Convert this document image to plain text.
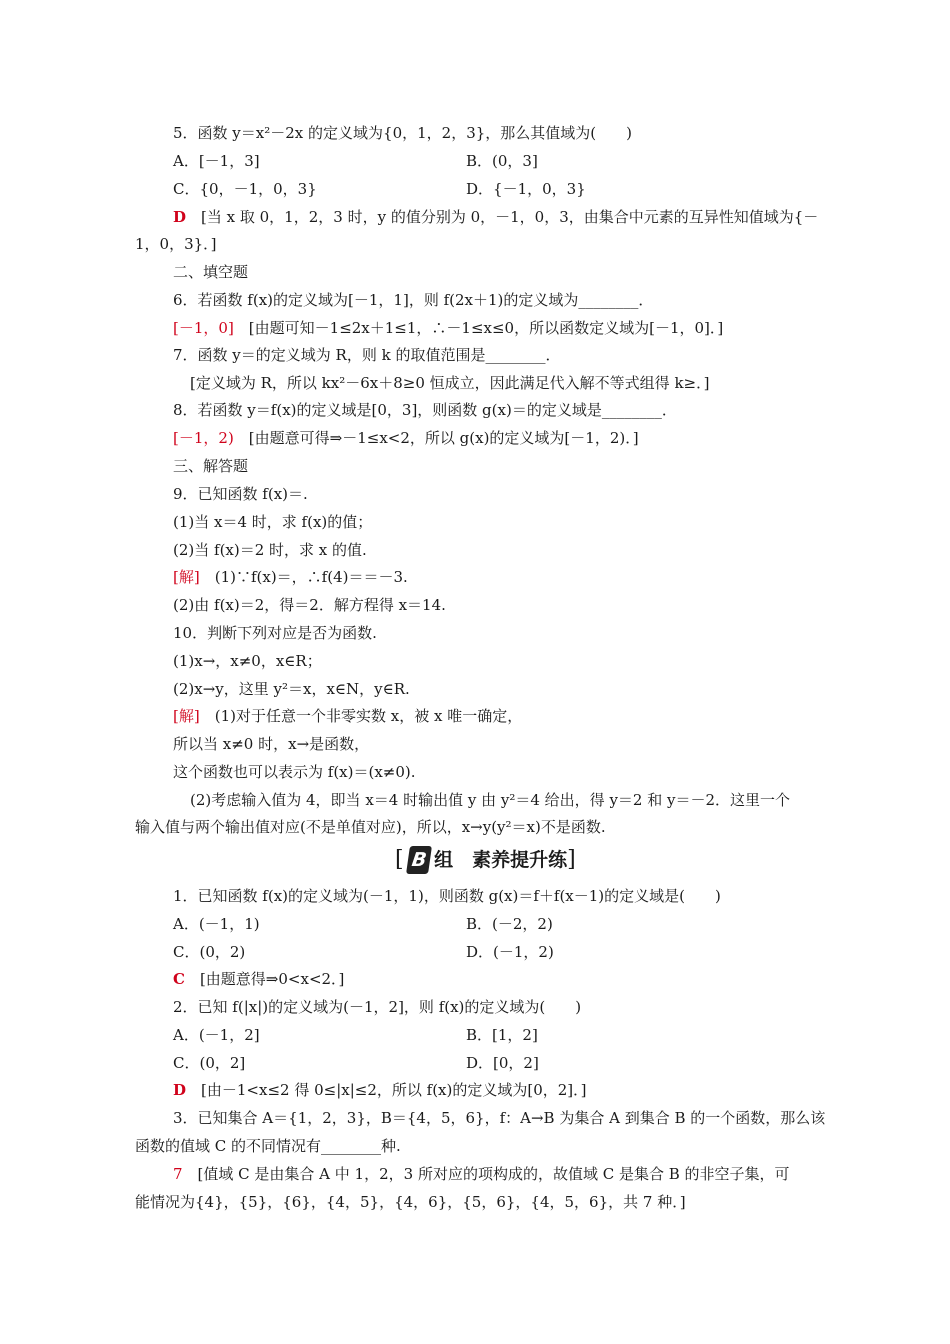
5．函数 y＝x²－2x 的定义域为{0，1，2，3}，那么其值域为(　　)
A．[－1，3]	B．(0，3]
C．{0，－1，0，3}	D．{－1，0，3}
D　[当 x 取 0，1，2，3 时，y 的值分别为 0，－1，0，3，由集合中元素的互异性知值域为{－
1，0，3}．]
二、填空题
6．若函数 f(x)的定义域为[－1，1]，则 f(2x＋1)的定义域为________．
[－1，0]　[由题可知－1≤2x＋1≤1，∴－1≤x≤0，所以函数定义域为[－1，0]．]
7．函数 y＝的定义域为 R，则 k 的取值范围是________．
[定义域为 R，所以 kx²－6x＋8≥0 恒成立，因此满足代入解不等式组得 k≥．]
8．若函数 y＝f(x)的定义域是[0，3]，则函数 g(x)＝的定义域是________．
[－1，2)　[由题意可得⇒－1≤x<2，所以 g(x)的定义域为[－1，2)．]
三、解答题
9．已知函数 f(x)＝.
(1)当 x＝4 时，求 f(x)的值；
(2)当 f(x)＝2 时，求 x 的值.
[解]　(1)∵f(x)＝，∴f(4)＝＝－3.
(2)由 f(x)＝2，得＝2．解方程得 x＝14.
10．判断下列对应是否为函数.
(1)x→，x≠0，x∈R；
(2)x→y，这里 y²＝x，x∈N，y∈R.
[解]　(1)对于任意一个非零实数 x，被 x 唯一确定，
所以当 x≠0 时，x→是函数，
这个函数也可以表示为 f(x)＝(x≠0).
(2)考虑输入值为 4，即当 x＝4 时输出值 y 由 y²＝4 给出，得 y＝2 和 y＝－2．这里一个
输入值与两个输出值对应(不是单值对应)，所以，x→y(y²＝x)不是函数.
[ B 组　素养提升练]
1．已知函数 f(x)的定义域为(－1，1)，则函数 g(x)＝f＋f(x－1)的定义域是(　　)
A．(－1，1)	B．(－2，2)
C．(0，2)	D．(－1，2)
C　[由题意得⇒0<x<2．]
2．已知 f(|x|)的定义域为(－1，2]，则 f(x)的定义域为(　　)
A．(－1，2]	B．[1，2]
C．(0，2]	D．[0，2]
D　[由－1<x≤2 得 0≤|x|≤2，所以 f(x)的定义域为[0，2]．]
3．已知集合 A＝{1，2，3}，B＝{4，5，6}，f：A→B 为集合 A 到集合 B 的一个函数，那么该
函数的值域 C 的不同情况有________种.
7　[值域 C 是由集合 A 中 1，2，3 所对应的项构成的，故值域 C 是集合 B 的非空子集，可
能情况为{4}，{5}，{6}，{4，5}，{4，6}，{5，6}，{4，5，6}，共 7 种．]
